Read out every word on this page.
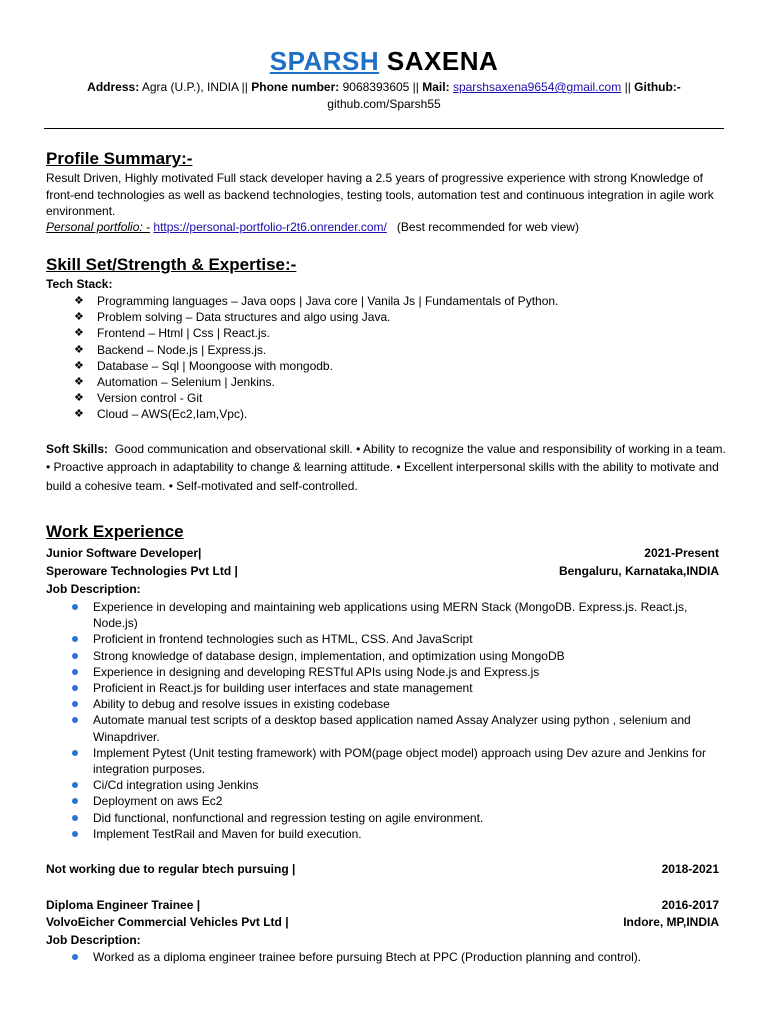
SPARSH SAXENA
Address: Agra (U.P.), INDIA || Phone number: 9068393605 || Mail: sparshsaxena9654@gmail.com || Github:-
github.com/Sparsh55
Profile Summary:-
Result Driven, Highly motivated Full stack developer having a 2.5 years of progressive experience with strong Knowledge of front-end technologies as well as backend technologies, testing tools, automation test and continuous integration in agile work environment.
Personal portfolio: - https://personal-portfolio-r2t6.onrender.com/ (Best recommended for web view)
Skill Set/Strength & Expertise:-
Tech Stack:
❖ Programming languages – Java oops | Java core | Vanila Js | Fundamentals of Python.
❖ Problem solving – Data structures and algo using Java.
❖ Frontend – Html | Css | React.js.
❖ Backend – Node.js | Express.js.
❖ Database – Sql | Moongoose with mongodb.
❖ Automation – Selenium | Jenkins.
❖ Version control - Git
❖ Cloud – AWS(Ec2,Iam,Vpc).
Soft Skills: Good communication and observational skill. • Ability to recognize the value and responsibility of working in a team. • Proactive approach in adaptability to change & learning attitude. • Excellent interpersonal skills with the ability to motivate and build a cohesive team. • Self-motivated and self-controlled.
Work Experience
Junior Software Developer|	2021-Present
Speroware Technologies Pvt Ltd |	Bengaluru, Karnataka,INDIA
Job Description:
Experience in developing and maintaining web applications using MERN Stack (MongoDB. Express.js. React.js, Node.js)
Proficient in frontend technologies such as HTML, CSS. And JavaScript
Strong knowledge of database design, implementation, and optimization using MongoDB
Experience in designing and developing RESTful APIs using Node.js and Express.js
Proficient in React.js for building user interfaces and state management
Ability to debug and resolve issues in existing codebase
Automate manual test scripts of a desktop based application named Assay Analyzer using python , selenium and Winapdriver.
Implement Pytest (Unit testing framework) with POM(page object model) approach using Dev azure and Jenkins for integration purposes.
Ci/Cd integration using Jenkins
Deployment on aws Ec2
Did functional, nonfunctional and regression testing on agile environment.
Implement TestRail and Maven for build execution.
Not working due to regular btech pursuing |	2018-2021
Diploma Engineer Trainee |	2016-2017
VolvoEicher Commercial Vehicles Pvt Ltd |	Indore, MP,INDIA
Job Description:
Worked as a diploma engineer trainee before pursuing Btech at PPC (Production planning and control).
